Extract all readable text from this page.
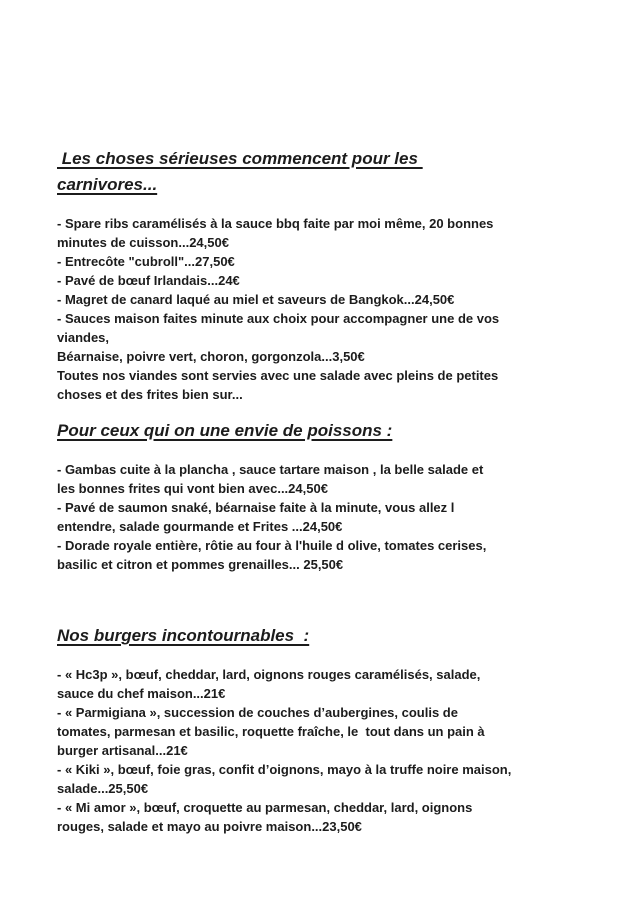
Les choses sérieuses commencent pour les
carnivores...
- Spare ribs caramélisés à la sauce bbq faite par moi même, 20 bonnes
minutes de cuisson...24,50€
- Entrecôte "cubroll"...27,50€
- Pavé de bœuf Irlandais...24€
- Magret de canard laqué au miel et saveurs de Bangkok...24,50€
- Sauces maison faites minute aux choix pour accompagner une de vos
viandes,
Béarnaise, poivre vert, choron, gorgonzola...3,50€
Toutes nos viandes sont servies avec une salade avec pleins de petites
choses et des frites bien sur...
Pour ceux qui on une envie de poissons :
- Gambas cuite à la plancha , sauce tartare maison , la belle salade et
les bonnes frites qui vont bien avec...24,50€
- Pavé de saumon snaké, béarnaise faite à la minute, vous allez l
entendre, salade gourmande et Frites ...24,50€
- Dorade royale entière, rôtie au four à l'huile d olive, tomates cerises,
basilic et citron et pommes grenailles... 25,50€
Nos burgers incontournables  :
- « Hc3p », bœuf, cheddar, lard, oignons rouges caramélisés, salade,
sauce du chef maison...21€
- « Parmigiana », succession de couches d’aubergines, coulis de
tomates, parmesan et basilic, roquette fraîche, le  tout dans un pain à
burger artisanal...21€
- « Kiki », bœuf, foie gras, confit d’oignons, mayo à la truffe noire maison,
salade...25,50€
- « Mi amor », bœuf, croquette au parmesan, cheddar, lard, oignons
rouges, salade et mayo au poivre maison...23,50€
